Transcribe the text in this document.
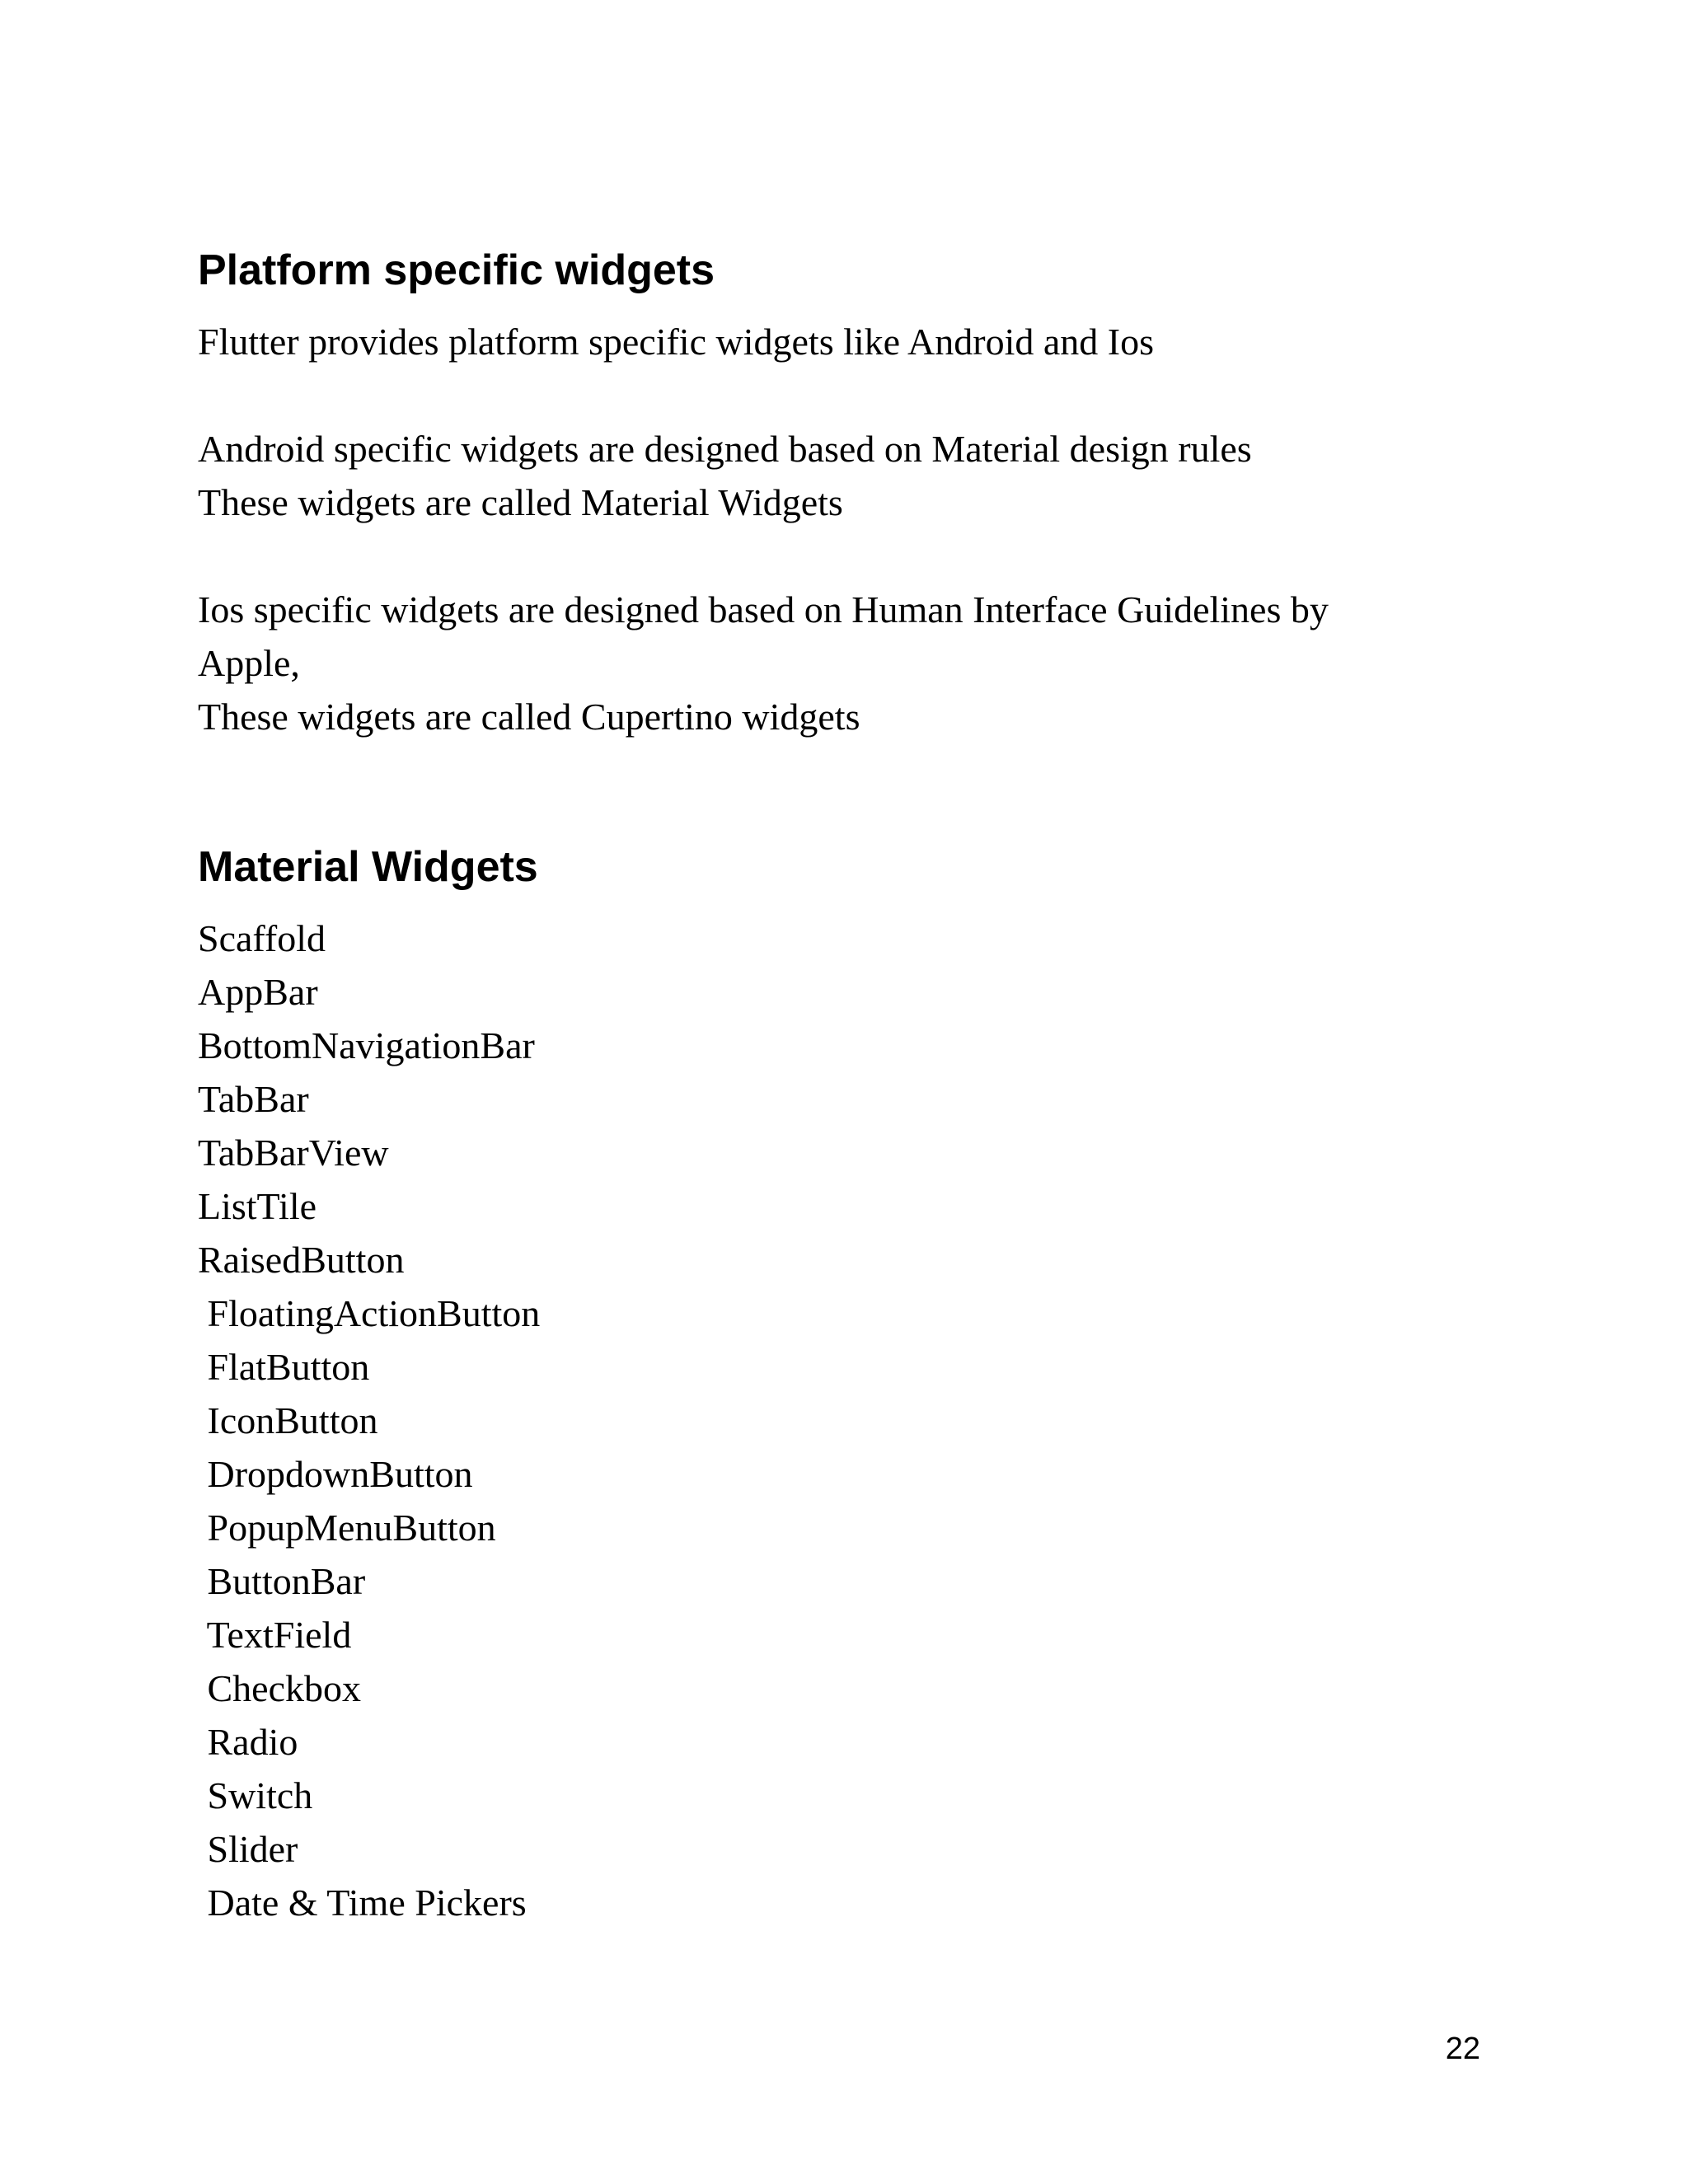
Platform specific widgets

Flutter provides platform specific widgets like Android and Ios

Android specific widgets are designed based on Material design rules

These widgets are called Material Widgets

Ios specific widgets are designed based on Human Interface Guidelines by

Apple,

These widgets are called Cupertino widgets

Material Widgets
Scaffold
AppBar
BottomNavigationBar
TabBar
TabBarView
ListTile
RaisedButton
FloatingActionButton
FlatButton
IconButton
DropdownButton
PopupMenuButton
ButtonBar
TextField
Checkbox
Radio
Switch
Slider
Date & Time Pickers
22
